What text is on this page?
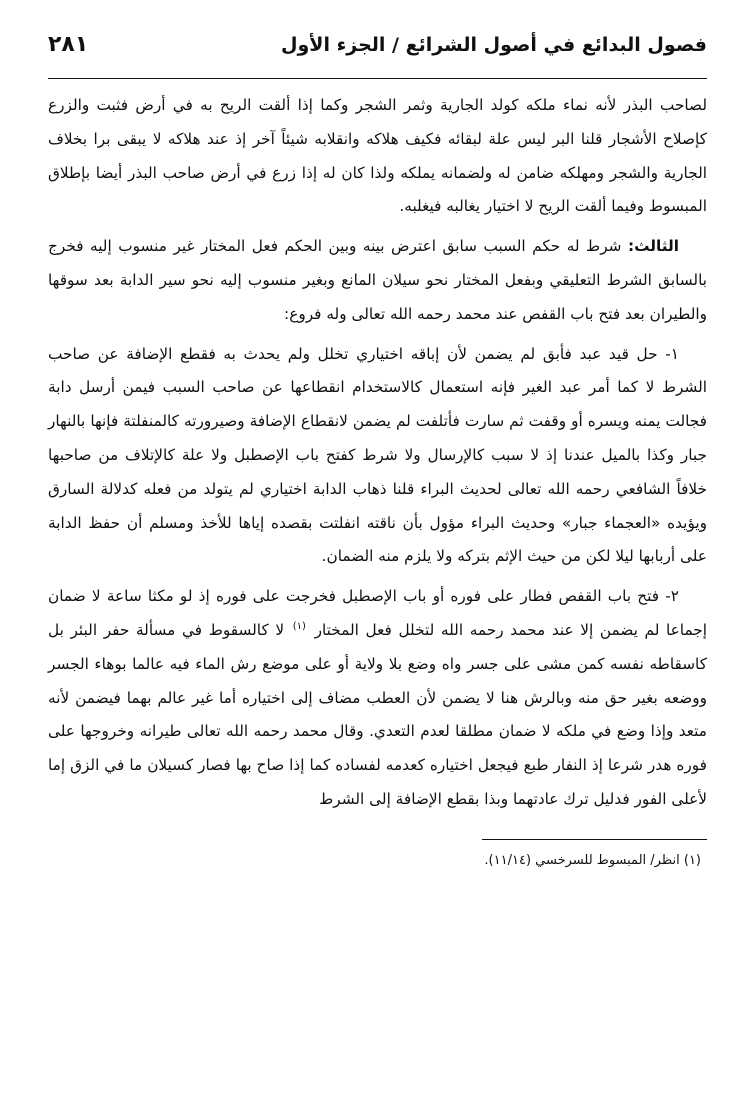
فصول البدائع في أصول الشرائع / الجزء الأول
٢٨١

لصاحب البذر لأنه نماء ملكه كولد الجارية وثمر الشجر وكما إذا ألقت الريح به في أرض فثبت والزرع كإصلاح الأشجار قلنا البر ليس علة لبقائه فكيف هلاكه وانقلابه شيئاً آخر إذ عند هلاكه لا يبقى برا بخلاف الجارية والشجر ومهلكه ضامن له ولضمانه يملكه ولذا كان له إذا زرع في أرض صاحب البذر أيضا بإطلاق المبسوط وفيما ألقت الريح لا اختيار يغالبه فيغلبه.

الثالث: شرط له حكم السبب سابق اعترض بينه وبين الحكم فعل المختار غير منسوب إليه فخرج بالسابق الشرط التعليقي وبفعل المختار نحو سيلان المانع وبغير منسوب إليه نحو سير الدابة بعد سوقها والطيران بعد فتح باب القفص عند محمد رحمه الله تعالى وله فروع:

١- حل قيد عبد فأبق لم يضمن لأن إباقه اختياري تخلل ولم يحدث به فقطع الإضافة عن صاحب الشرط لا كما أمر عبد الغير فإنه استعمال كالاستخدام انقطاعها عن صاحب السبب فيمن أرسل دابة فجالت يمنه ويسره أو وقفت ثم سارت فأتلفت لم يضمن لانقطاع الإضافة وصيرورته كالمنفلتة فإنها بالنهار جبار وكذا بالميل عندنا إذ لا سبب كالإرسال ولا شرط كفتح باب الإصطبل ولا علة كالإتلاف من صاحبها خلافاً الشافعي رحمه الله تعالى لحديث البراء قلنا ذهاب الدابة اختياري لم يتولد من فعله كدلالة السارق ويؤيده «العجماء جبار» وحديث البراء مؤول بأن ناقته انفلتت بقصده إياها للأخذ ومسلم أن حفظ الدابة على أربابها ليلا لكن من حيث الإثم بتركه ولا يلزم منه الضمان.

٢- فتح باب القفص فطار على فوره أو باب الإصطبل فخرجت على فوره إذ لو مكثا ساعة لا ضمان إجماعا لم يضمن إلا عند محمد رحمه الله لتخلل فعل المختار $^{(١)}$ لا كالسقوط في مسألة حفر البئر بل كاسقاطه نفسه كمن مشى على جسر واه وضع بلا ولاية أو على موضع رش الماء فيه عالما بوهاء الجسر ووضعه بغير حق منه وبالرش هنا لا يضمن لأن العطب مضاف إلى اختياره أما غير عالم بهما فيضمن لأنه متعد وإذا وضع في ملكه لا ضمان مطلقا لعدم التعدي. وقال محمد رحمه الله تعالى طيرانه وخروجها على فوره هدر شرعا إذ النفار طبع فيجعل اختياره كعدمه لفساده كما إذا صاح بها فصار كسيلان ما في الزق إما لأعلى الفور فدليل ترك عادتهما وبذا بقطع الإضافة إلى الشرط

(١) انظر/ المبسوط للسرخسي (١١/١٤).
